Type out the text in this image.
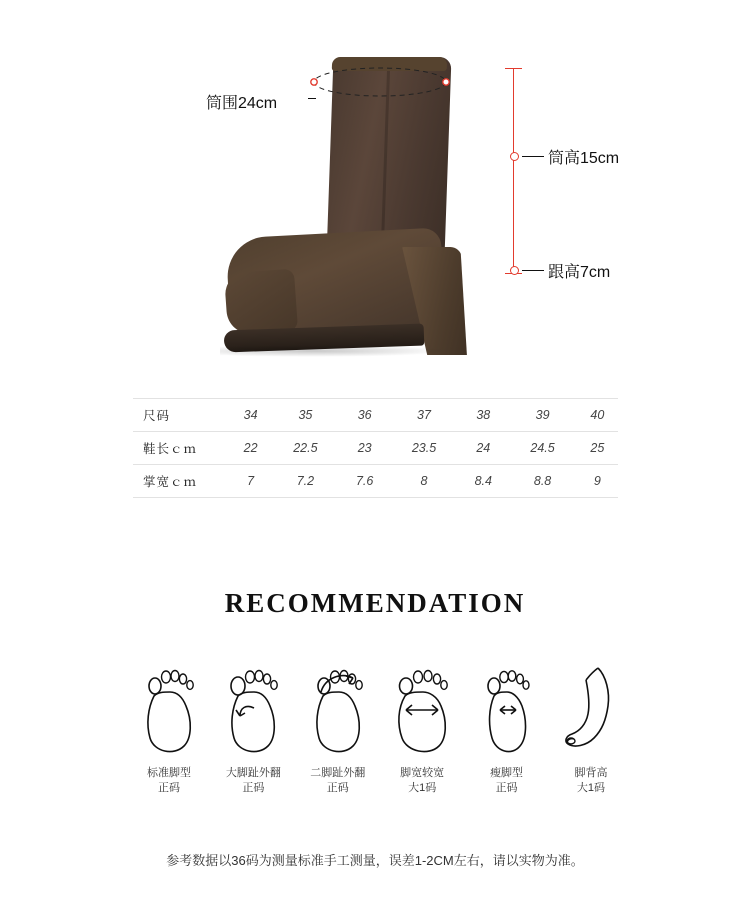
筒围24cm
筒高15cm
跟高7cm
尺码	34	35	36	37	38	39	40
鞋长ｃｍ	22	22.5	23	23.5	24	24.5	25
掌宽ｃｍ	7	7.2	7.6	8	8.4	8.8	9
RECOMMENDATION
标准脚型
正码
大脚趾外翻
正码
二脚趾外翻
正码
脚宽较宽
大1码
瘦脚型
正码
脚背高
大1码
参考数据以36码为测量标准手工测量，误差1-2CM左右，请以实物为准。
